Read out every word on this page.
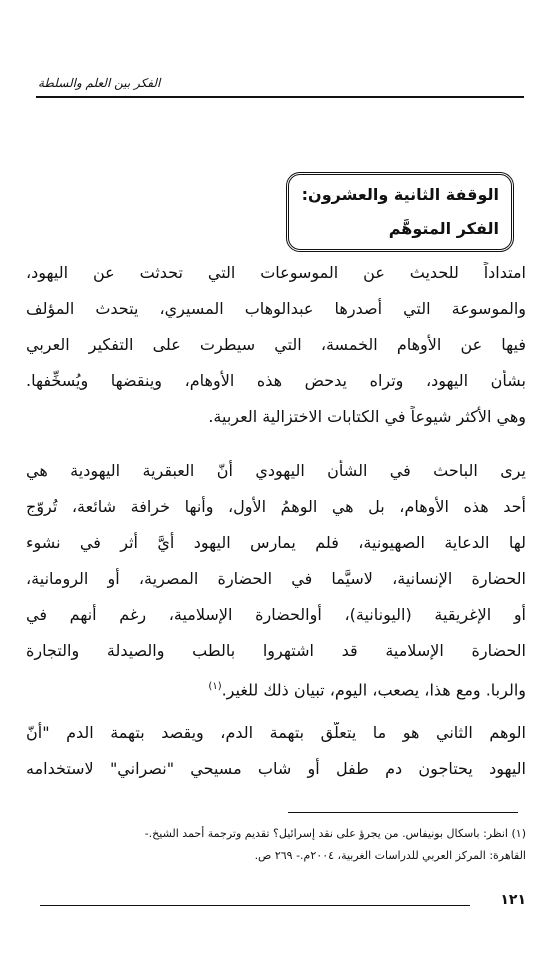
الفكر بين العلم والسلطة
الوقفة الثانية والعشرون:
الفكر المتوهَّم
امتداداً للحديث عن الموسوعات التي تحدثت عن اليهود،
والموسوعة التي أصدرها عبدالوهاب المسيري، يتحدث المؤلف
فيها عن الأوهام الخمسة، التي سيطرت على التفكير العربي
بشأن اليهود، وتراه يدحض هذه الأوهام، وينقضها ويُسخِّفها.
وهي الأكثر شيوعاً في الكتابات الاختزالية العربية.
يرى الباحث في الشأن اليهودي أنّ العبقرية اليهودية هي
أحد هذه الأوهام، بل هي الوهمُ الأول، وأنها خرافة شائعة، تُروّج
لها الدعاية الصهيونية، فلم يمارس اليهود أيَّ أثر في نشوء
الحضارة الإنسانية، لاسيَّما في الحضارة المصرية، أو الرومانية،
أو الإغريقية (اليونانية)، أوالحضارة الإسلامية، رغم أنهم في
الحضارة الإسلامية قد اشتهروا بالطب والصيدلة والتجارة
والربا. ومع هذا، يصعب، اليوم، تبيان ذلك للغير.$^{(١)}$
الوهم الثاني هو ما يتعلّق بتهمة الدم، ويقصد بتهمة الدم "أنّ
اليهود يحتاجون دم طفل أو شاب مسيحي "نصراني" لاستخدامه
(١) انظر: باسكال بونيفاس. من يجرؤ على نقد إسرائيل؟ تقديم وترجمة أحمد الشيخ.-
القاهرة: المركز العربي للدراسات الغربية، ٢٠٠٤م.- ٢٦٩ ص.
١٢١
